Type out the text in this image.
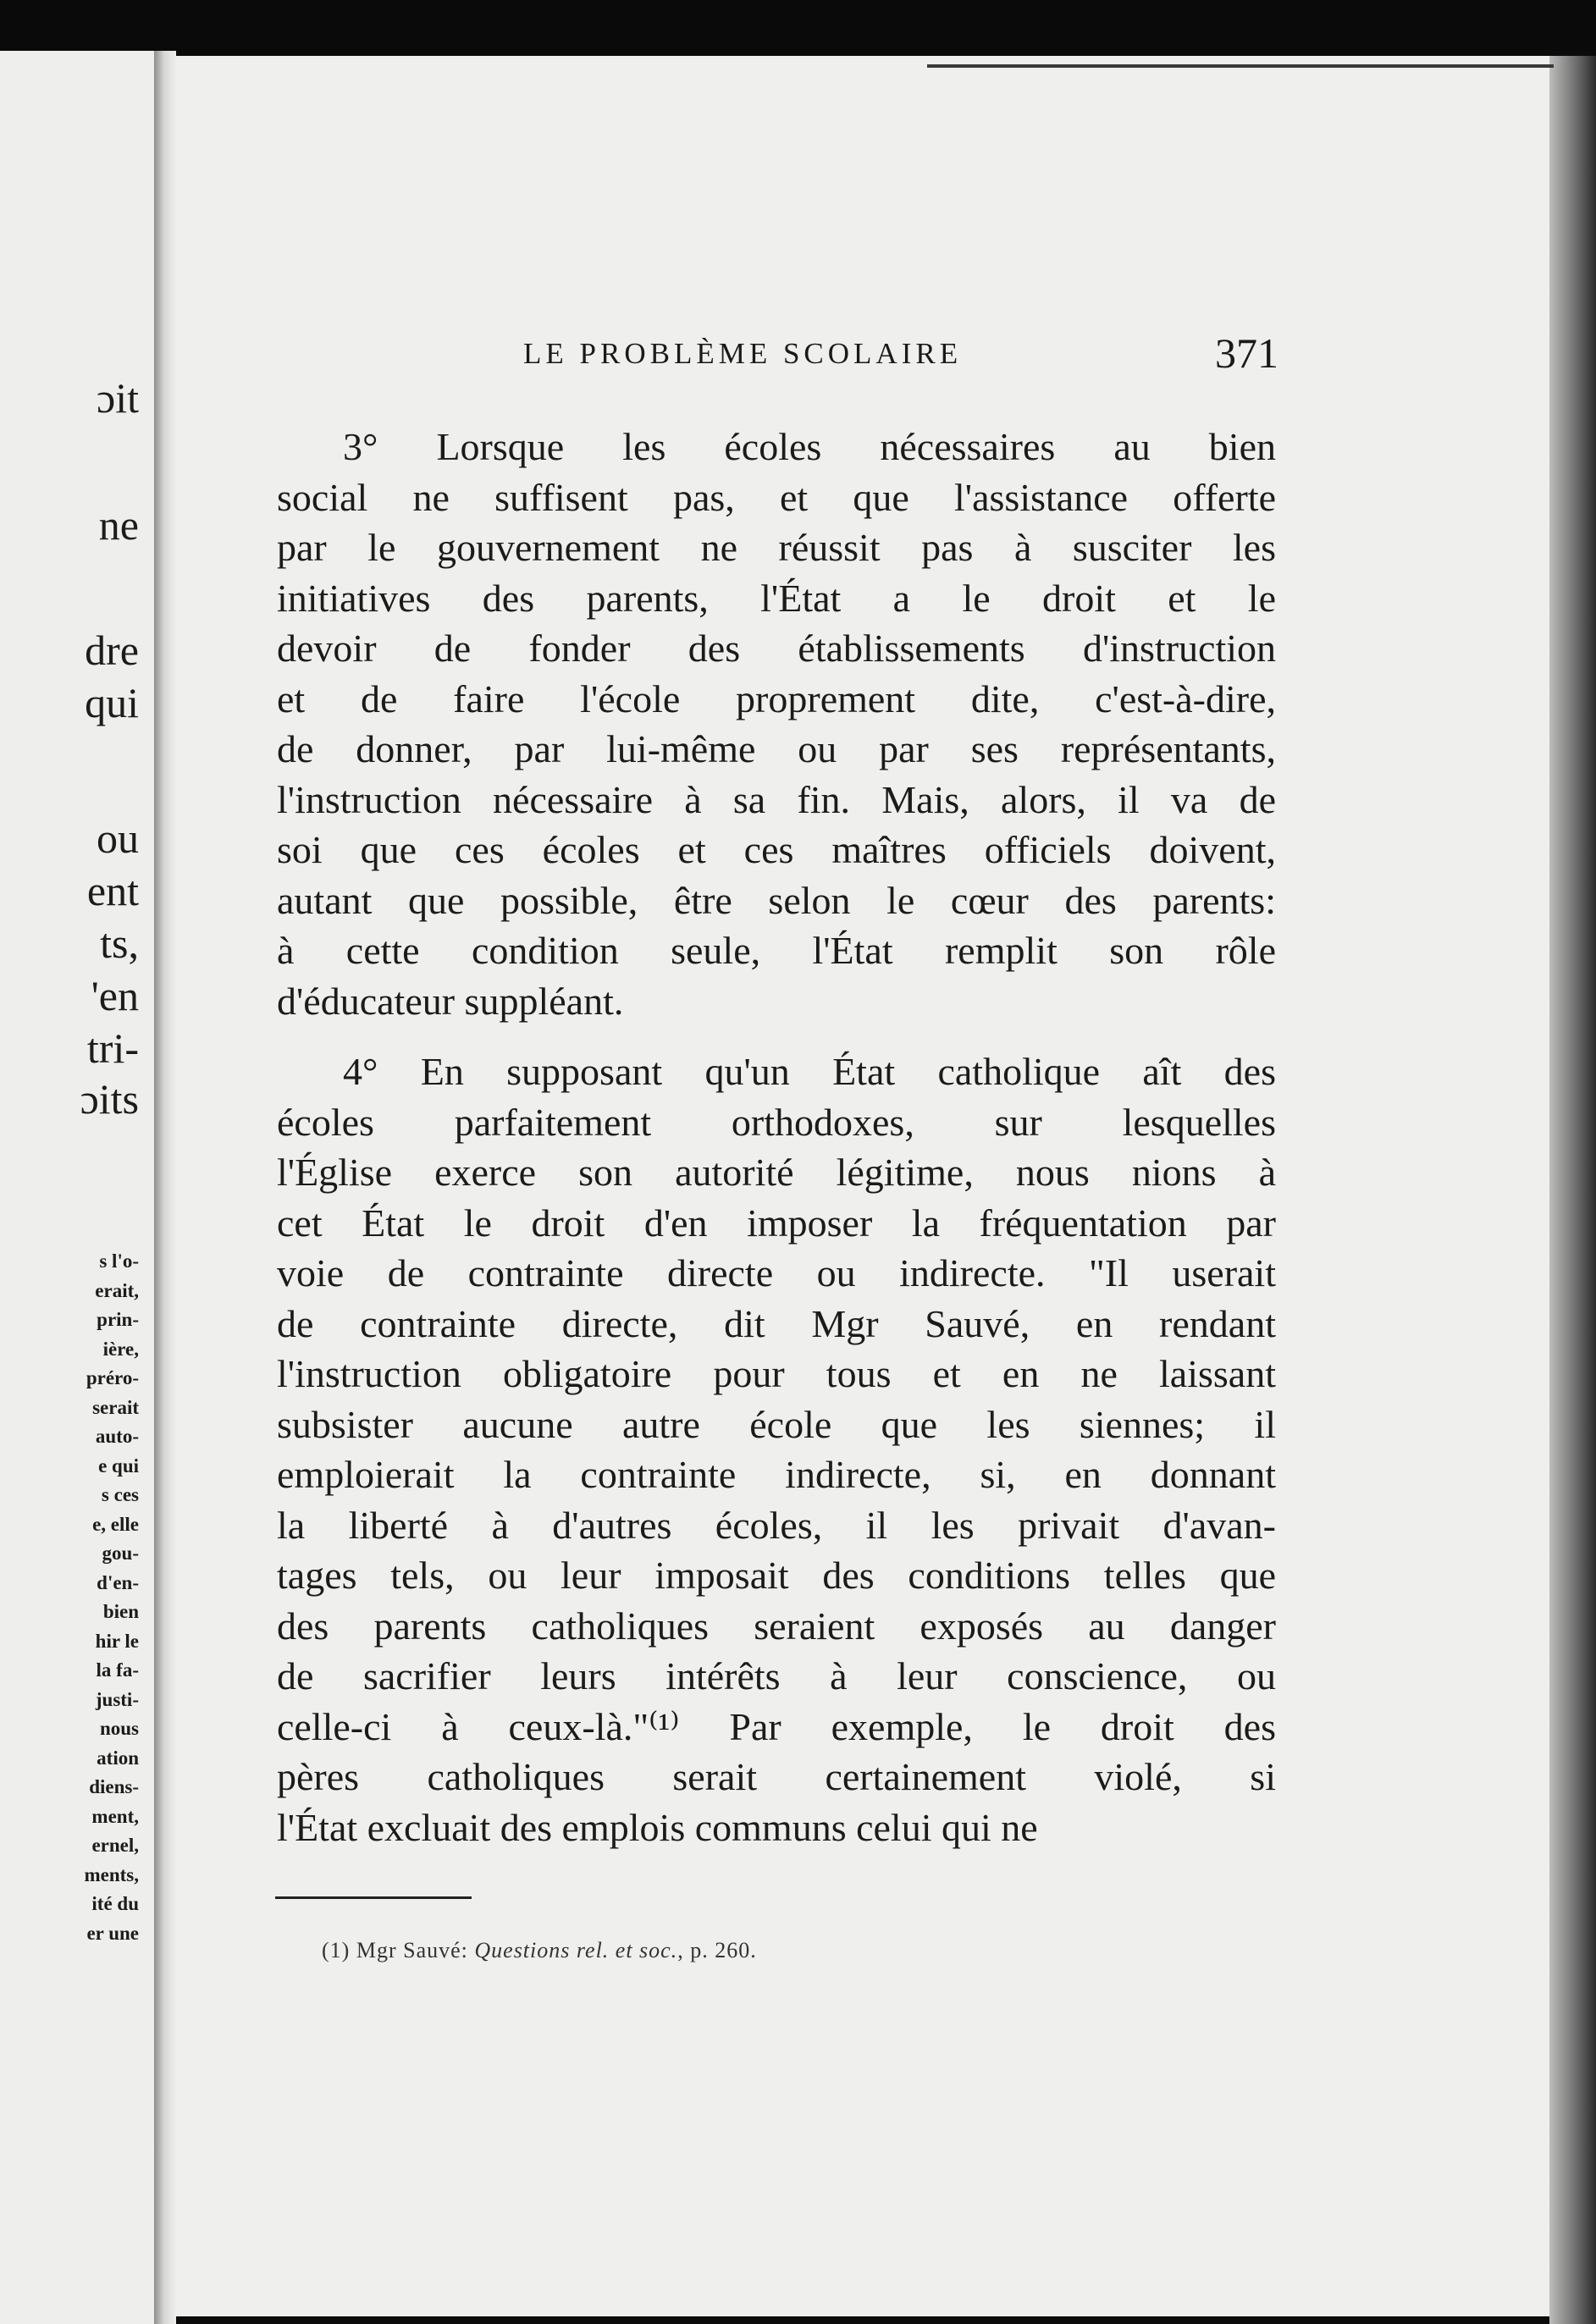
ɔit
ne
dre
qui
ou
ent
ts,
'en
tri-
ɔits
s l'o-
erait,
prin-
ière,
préro-
serait
auto-
e qui
s ces
e, elle
gou-
d'en-
bien
hir le
la fa-
justi-
nous
ation
diens-
ment,
ernel,
ments,
ité du
er une
LE PROBLÈME SCOLAIRE	371
3° Lorsque les écoles nécessaires au bien
social ne suffisent pas, et que l'assistance offerte
par le gouvernement ne réussit pas à susciter les
initiatives des parents, l'État a le droit et le
devoir de fonder des établissements d'instruction
et de faire l'école proprement dite, c'est-à-dire,
de donner, par lui-même ou par ses représentants,
l'instruction nécessaire à sa fin. Mais, alors, il va de
soi que ces écoles et ces maîtres officiels doivent,
autant que possible, être selon le cœur des parents:
à cette condition seule, l'État remplit son rôle
d'éducateur suppléant.
4° En supposant qu'un État catholique aît des
écoles parfaitement orthodoxes, sur lesquelles
l'Église exerce son autorité légitime, nous nions à
cet État le droit d'en imposer la fréquentation par
voie de contrainte directe ou indirecte. "Il userait
de contrainte directe, dit Mgr Sauvé, en rendant
l'instruction obligatoire pour tous et en ne laissant
subsister aucune autre école que les siennes; il
emploierait la contrainte indirecte, si, en donnant
la liberté à d'autres écoles, il les privait d'avan-
tages tels, ou leur imposait des conditions telles que
des parents catholiques seraient exposés au danger
de sacrifier leurs intérêts à leur conscience, ou
celle-ci à ceux-là."⁽¹⁾ Par exemple, le droit des
pères catholiques serait certainement violé, si
l'État excluait des emplois communs celui qui ne
(1) Mgr Sauvé: Questions rel. et soc., p. 260.
